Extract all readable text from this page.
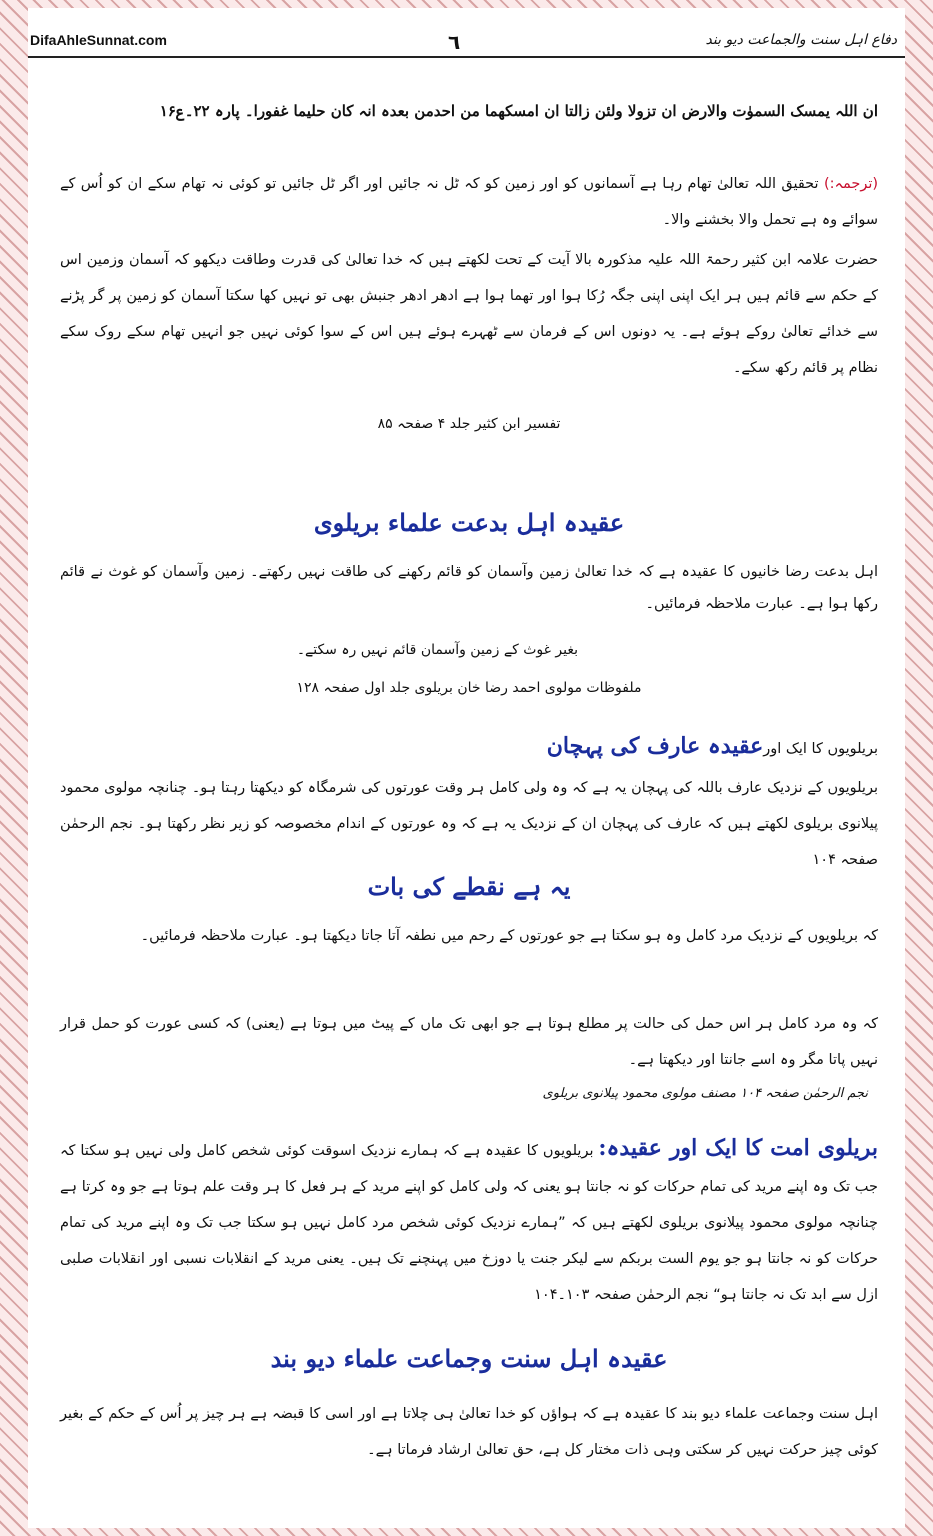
DifaAhleSunnat.com	٦	دفاع اہل سنت والجماعت دیو بند
ان اللہ یمسک السموٰت والارض ان تزولا ولئن زالتا ان امسکھما من احدمن بعدہ انہ کان حلیما غفورا۔ پارہ ۲۲۔ع۱۶

(ترجمہ:) تحقیق اللہ تعالیٰ تھام رہا ہے آسمانوں کو اور زمین کو کہ ٹل نہ جائیں اور اگر ٹل جائیں تو کوئی نہ تھام سکے ان کو اُس کے سوائے وہ ہے تحمل والا بخشنے والا۔

حضرت علامہ ابن کثیر رحمۃ اللہ علیہ مذکورہ بالا آیت کے تحت لکھتے ہیں کہ خدا تعالیٰ کی قدرت وطاقت دیکھو کہ آسمان وزمین اس کے حکم سے قائم ہیں ہر ایک اپنی اپنی جگہ رُکا ہوا اور تھما ہوا ہے ادھر ادھر جنبش بھی تو نہیں کھا سکتا آسمان کو زمین پر گر پڑنے سے خدائے تعالیٰ روکے ہوئے ہے۔ یہ دونوں اس کے فرمان سے ٹھہرے ہوئے ہیں اس کے سوا کوئی نہیں جو انہیں تھام سکے روک سکے نظام پر قائم رکھ سکے۔

تفسیر ابن کثیر جلد ۴ صفحہ ۸۵
عقیدہ اہل بدعت علماء بریلوی

اہل بدعت رضا خانیوں کا عقیدہ ہے کہ خدا تعالیٰ زمین وآسمان کو قائم رکھنے کی طاقت نہیں رکھتے۔ زمین وآسمان کو غوث نے قائم رکھا ہوا ہے۔ عبارت ملاحظہ فرمائیں۔

بغیر غوث کے زمین وآسمان قائم نہیں رہ سکتے۔
ملفوظات مولوی احمد رضا خان بریلوی جلد اول صفحہ ۱۲۸
بریلویوں کا ایک اورعقیدہ عارف کی پہچان

بریلویوں کے نزدیک عارف باللہ کی پہچان یہ ہے کہ وہ ولی کامل ہر وقت عورتوں کی شرمگاہ کو دیکھتا رہتا ہو۔ چنانچہ مولوی محمود پیلانوی بریلوی لکھتے ہیں کہ عارف کی پہچان ان کے نزدیک یہ ہے کہ وہ عورتوں کے اندام مخصوصہ کو زیر نظر رکھتا ہو۔ نجم الرحمٰن صفحہ ۱۰۴

یہ ہے نقطے کی بات

کہ بریلویوں کے نزدیک مرد کامل وہ ہو سکتا ہے جو عورتوں کے رحم میں نطفہ آتا جاتا دیکھتا ہو۔ عبارت ملاحظہ فرمائیں۔

کہ وہ مرد کامل ہر اس حمل کی حالت پر مطلع ہوتا ہے جو ابھی تک ماں کے پیٹ میں ہوتا ہے (یعنی) کہ کسی عورت کو حمل قرار نہیں پاتا مگر وہ اسے جانتا اور دیکھتا ہے۔

نجم الرحمٰن صفحہ ۱۰۴ مصنف مولوی محمود پیلانوی بریلوی

بریلوی امت کا ایک اور عقیدہ: بریلویوں کا عقیدہ ہے کہ ہمارے نزدیک اسوقت کوئی شخص کامل ولی نہیں ہو سکتا کہ جب تک وہ اپنے مرید کی تمام حرکات کو نہ جانتا ہو یعنی کہ ولی کامل کو اپنے مرید کے ہر فعل کا ہر وقت علم ہوتا ہے جو وہ کرتا ہے چنانچہ مولوی محمود پیلانوی بریلوی لکھتے ہیں کہ ”ہمارے نزدیک کوئی شخص مرد کامل نہیں ہو سکتا جب تک وہ اپنے مرید کی تمام حرکات کو نہ جانتا ہو جو یوم الست بربکم سے لیکر جنت یا دوزخ میں پہنچنے تک ہیں۔ یعنی مرید کے انقلابات نسبی اور انقلابات صلبی ازل سے ابد تک نہ جانتا ہو“ نجم الرحمٰن صفحہ ۱۰۳۔۱۰۴

عقیدہ اہل سنت وجماعت علماء دیو بند

اہل سنت وجماعت علماء دیو بند کا عقیدہ ہے کہ ہواؤں کو خدا تعالیٰ ہی چلاتا ہے اور اسی کا قبضہ ہے ہر چیز پر اُس کے حکم کے بغیر کوئی چیز حرکت نہیں کر سکتی وہی ذات مختار کل ہے، حق تعالیٰ ارشاد فرماتا ہے۔
